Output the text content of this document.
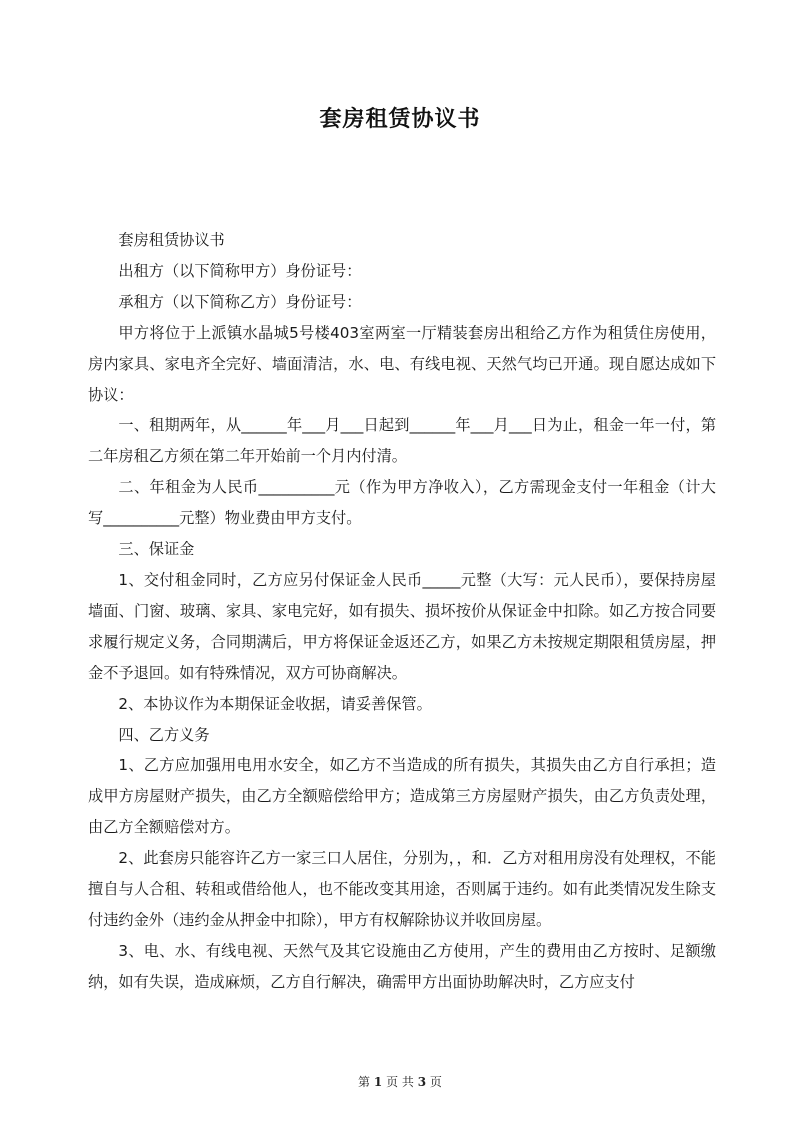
套房租赁协议书

套房租赁协议书

出租方（以下简称甲方）身份证号：

承租方（以下简称乙方）身份证号：

甲方将位于上派镇水晶城5号楼403室两室一厅精装套房出租给乙方作为租赁住房使用，房内家具、家电齐全完好、墙面清洁，水、电、有线电视、天然气均已开通。现自愿达成如下协议：

一、租期两年，从______年___月___日起到______年___月___日为止，租金一年一付，第二年房租乙方须在第二年开始前一个月内付清。

二、年租金为人民币__________元（作为甲方净收入），乙方需现金支付一年租金（计大写__________元整）物业费由甲方支付。

三、保证金

1、交付租金同时，乙方应另付保证金人民币_____元整（大写：元人民币），要保持房屋墙面、门窗、玻璃、家具、家电完好，如有损失、损坏按价从保证金中扣除。如乙方按合同要求履行规定义务，合同期满后，甲方将保证金返还乙方，如果乙方未按规定期限租赁房屋，押金不予退回。如有特殊情况，双方可协商解决。

2、本协议作为本期保证金收据，请妥善保管。

四、乙方义务

1、乙方应加强用电用水安全，如乙方不当造成的所有损失，其损失由乙方自行承担；造成甲方房屋财产损失，由乙方全额赔偿给甲方；造成第三方房屋财产损失，由乙方负责处理，由乙方全额赔偿对方。

2、此套房只能容许乙方一家三口人居住，分别为，，和．乙方对租用房没有处理权，不能擅自与人合租、转租或借给他人，也不能改变其用途，否则属于违约。如有此类情况发生除支付违约金外（违约金从押金中扣除），甲方有权解除协议并收回房屋。

3、电、水、有线电视、天然气及其它设施由乙方使用，产生的费用由乙方按时、足额缴纳，如有失误，造成麻烦，乙方自行解决，确需甲方出面协助解决时，乙方应支付

第 1 页 共 3 页
